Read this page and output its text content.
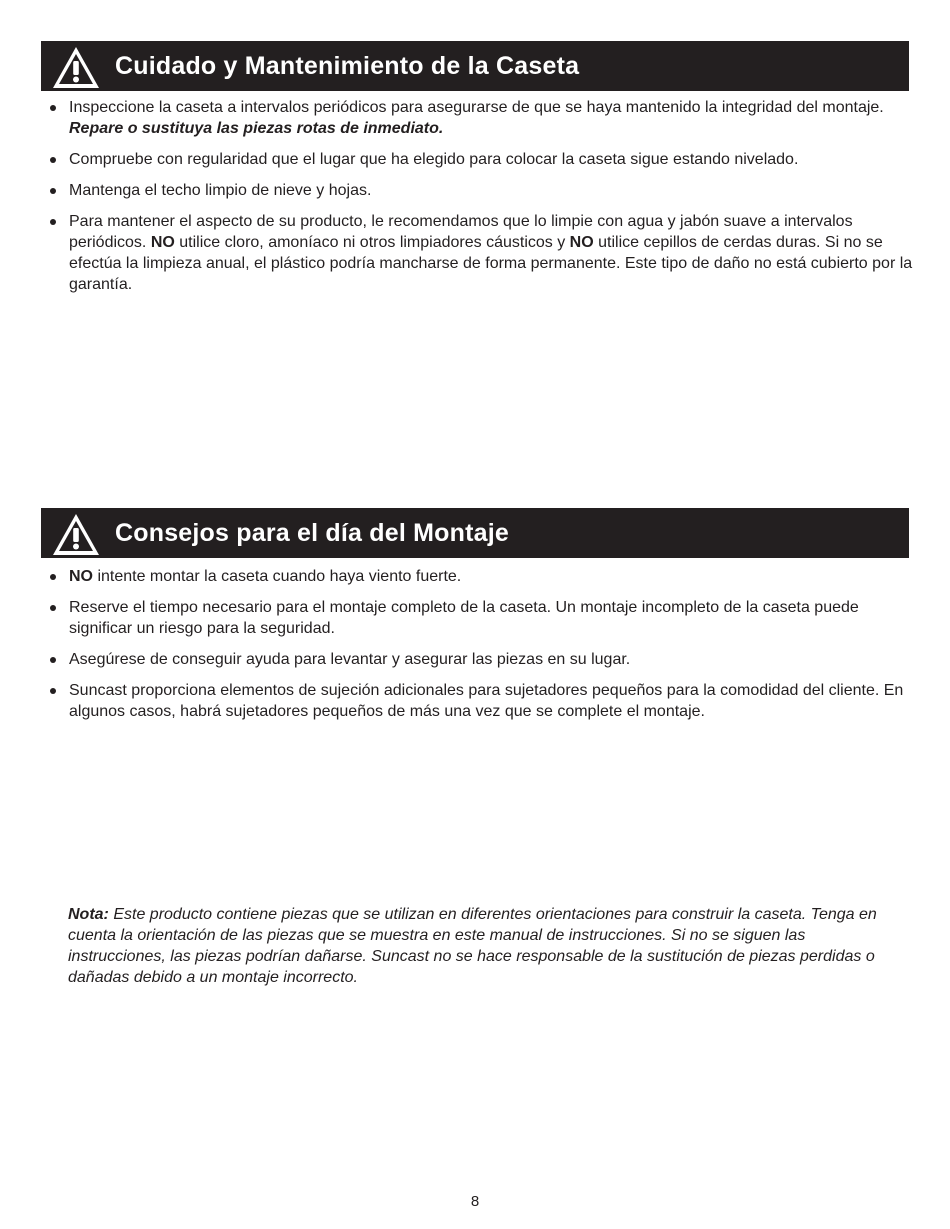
Cuidado y Mantenimiento de la Caseta
Inspeccione la caseta a intervalos periódicos para asegurarse de que se haya mantenido la integridad del montaje. Repare o sustituya las piezas rotas de inmediato.
Compruebe con regularidad que el lugar que ha elegido para colocar la caseta sigue estando nivelado.
Mantenga el techo limpio de nieve y hojas.
Para mantener el aspecto de su producto, le recomendamos que lo limpie con agua y jabón suave a intervalos periódicos. NO utilice cloro, amoníaco ni otros limpiadores cáusticos y NO utilice cepillos de cerdas duras. Si no se efectúa la limpieza anual, el plástico podría mancharse de forma permanente. Este tipo de daño no está cubierto por la garantía.
Consejos para el día del Montaje
NO intente montar la caseta cuando haya viento fuerte.
Reserve el tiempo necesario para el montaje completo de la caseta. Un montaje incompleto de la caseta puede significar un riesgo para la seguridad.
Asegúrese de conseguir ayuda para levantar y asegurar las piezas en su lugar.
Suncast proporciona elementos de sujeción adicionales para sujetadores pequeños para la comodidad del cliente. En algunos casos, habrá sujetadores pequeños de más una vez que se complete el montaje.
Nota: Este producto contiene piezas que se utilizan en diferentes orientaciones para construir la caseta. Tenga en cuenta la orientación de las piezas que se muestra en este manual de instrucciones. Si no se siguen las instrucciones, las piezas podrían dañarse. Suncast no se hace responsable de la sustitución de piezas perdidas o dañadas debido a un montaje incorrecto.
8
